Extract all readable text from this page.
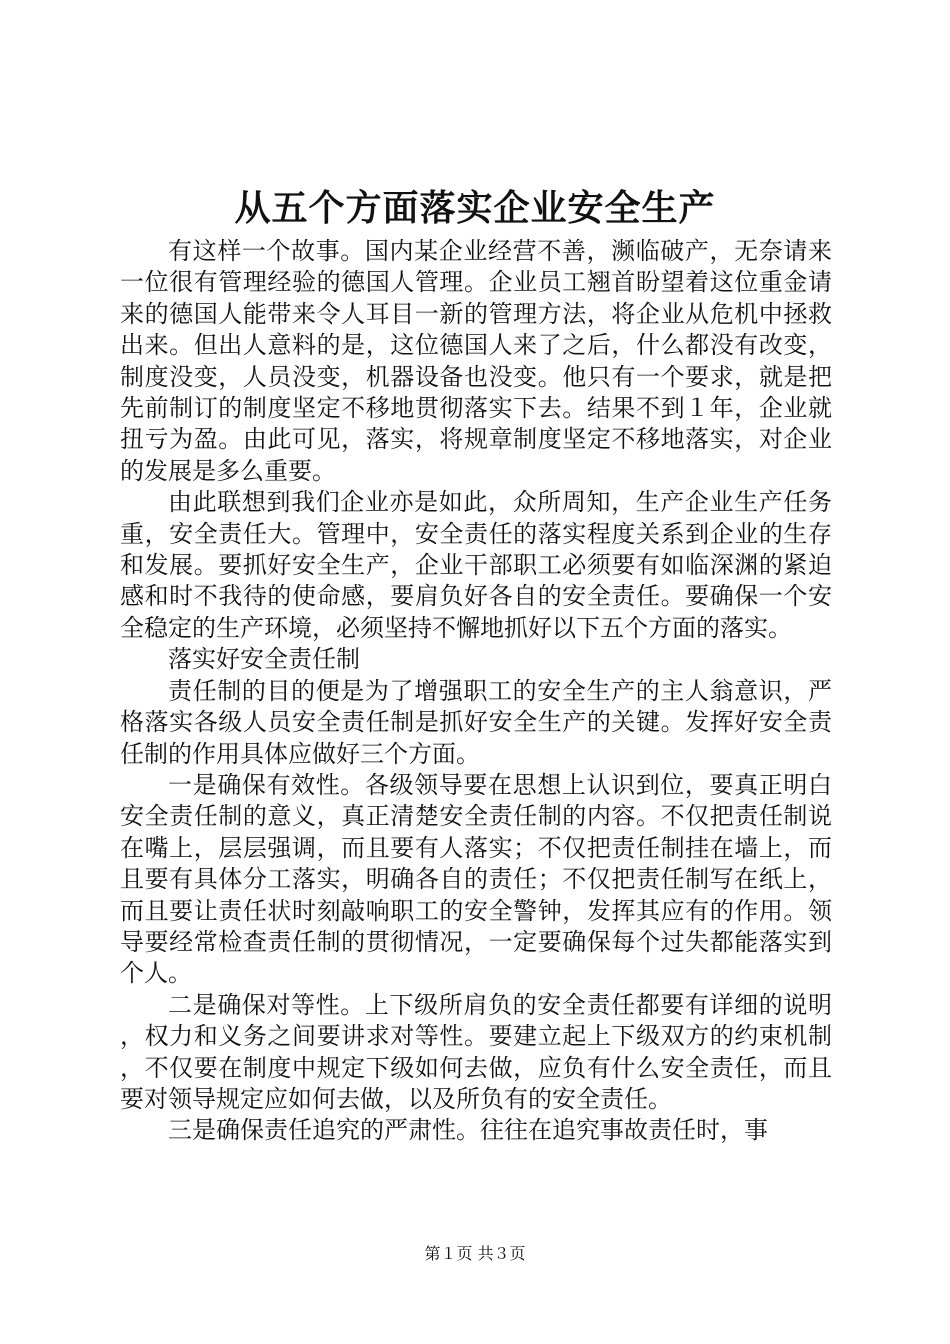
从五个方面落实企业安全生产

有这样一个故事。国内某企业经营不善，濒临破产，无奈请来一位很有管理经验的德国人管理。企业员工翘首盼望着这位重金请来的德国人能带来令人耳目一新的管理方法，将企业从危机中拯救出来。但出人意料的是，这位德国人来了之后，什么都没有改变，制度没变，人员没变，机器设备也没变。他只有一个要求，就是把先前制订的制度坚定不移地贯彻落实下去。结果不到１年，企业就扭亏为盈。由此可见，落实，将规章制度坚定不移地落实，对企业的发展是多么重要。

由此联想到我们企业亦是如此，众所周知，生产企业生产任务重，安全责任大。管理中，安全责任的落实程度关系到企业的生存和发展。要抓好安全生产，企业干部职工必须要有如临深渊的紧迫感和时不我待的使命感，要肩负好各自的安全责任。要确保一个安全稳定的生产环境，必须坚持不懈地抓好以下五个方面的落实。

落实好安全责任制

责任制的目的便是为了增强职工的安全生产的主人翁意识，严格落实各级人员安全责任制是抓好安全生产的关键。发挥好安全责任制的作用具体应做好三个方面。

一是确保有效性。各级领导要在思想上认识到位，要真正明白安全责任制的意义，真正清楚安全责任制的内容。不仅把责任制说在嘴上，层层强调，而且要有人落实；不仅把责任制挂在墙上，而且要有具体分工落实，明确各自的责任；不仅把责任制写在纸上，而且要让责任状时刻敲响职工的安全警钟，发挥其应有的作用。领导要经常检查责任制的贯彻情况，一定要确保每个过失都能落实到个人。

二是确保对等性。上下级所肩负的安全责任都要有详细的说明，权力和义务之间要讲求对等性。要建立起上下级双方的约束机制，不仅要在制度中规定下级如何去做，应负有什么安全责任，而且要对领导规定应如何去做，以及所负有的安全责任。

三是确保责任追究的严肃性。往往在追究事故责任时，事

第１页 共３页
